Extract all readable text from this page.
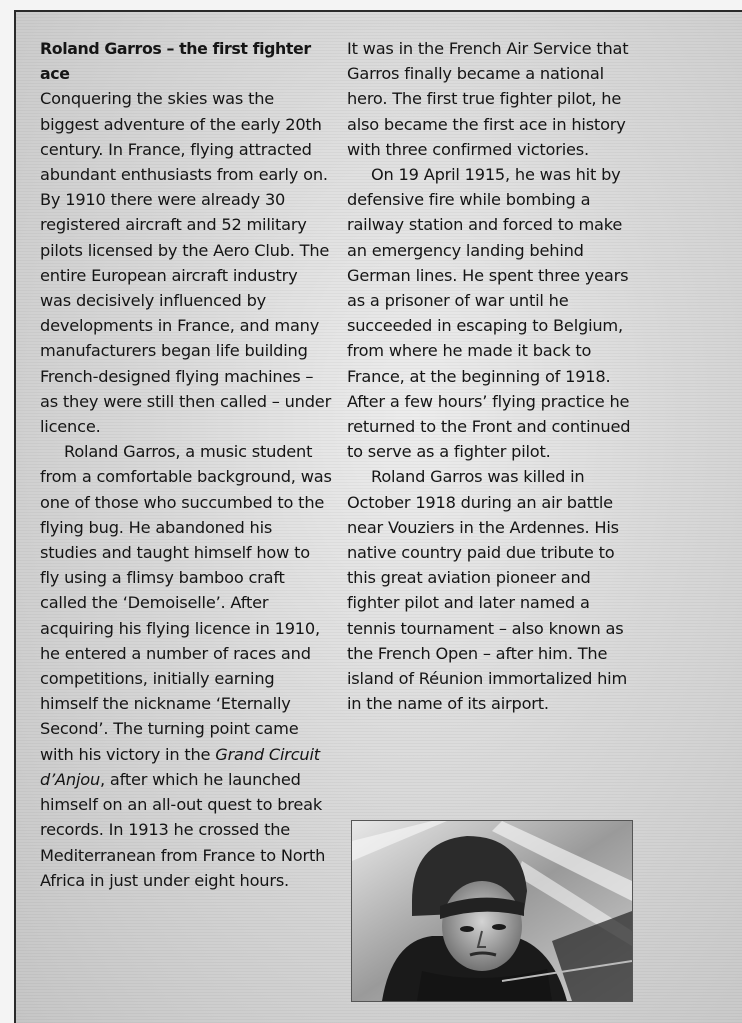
Roland Garros – the first fighter ace

Conquering the skies was the biggest adventure of the early 20th century. In France, flying attracted abundant enthusiasts from early on. By 1910 there were already 30 registered aircraft and 52 military pilots licensed by the Aero Club. The entire European aircraft industry was decisively influenced by developments in France, and many manufacturers began life building French-designed flying machines – as they were still then called – under licence.

Roland Garros, a music student from a comfortable background, was one of those who succumbed to the flying bug. He abandoned his studies and taught himself how to fly using a flimsy bamboo craft called the ‘Demoiselle’. After acquiring his flying licence in 1910, he entered a number of races and competitions, initially earning himself the nickname ‘Eternally Second’. The turning point came with his victory in the Grand Circuit d’Anjou, after which he launched himself on an all-out quest to break records. In 1913 he crossed the Mediterranean from France to North Africa in just under eight hours.

It was in the French Air Service that Garros finally became a national hero. The first true fighter pilot, he also became the first ace in history with three confirmed victories.

On 19 April 1915, he was hit by defensive fire while bombing a railway station and forced to make an emergency landing behind German lines. He spent three years as a prisoner of war until he succeeded in escaping to Belgium, from where he made it back to France, at the beginning of 1918. After a few hours’ flying practice he returned to the Front and continued to serve as a fighter pilot.

Roland Garros was killed in October 1918 during an air battle near Vouziers in the Ardennes. His native country paid due tribute to this great aviation pioneer and fighter pilot and later named a tennis tournament – also known as the French Open – after him. The island of Réunion immortalized him in the name of its airport.
